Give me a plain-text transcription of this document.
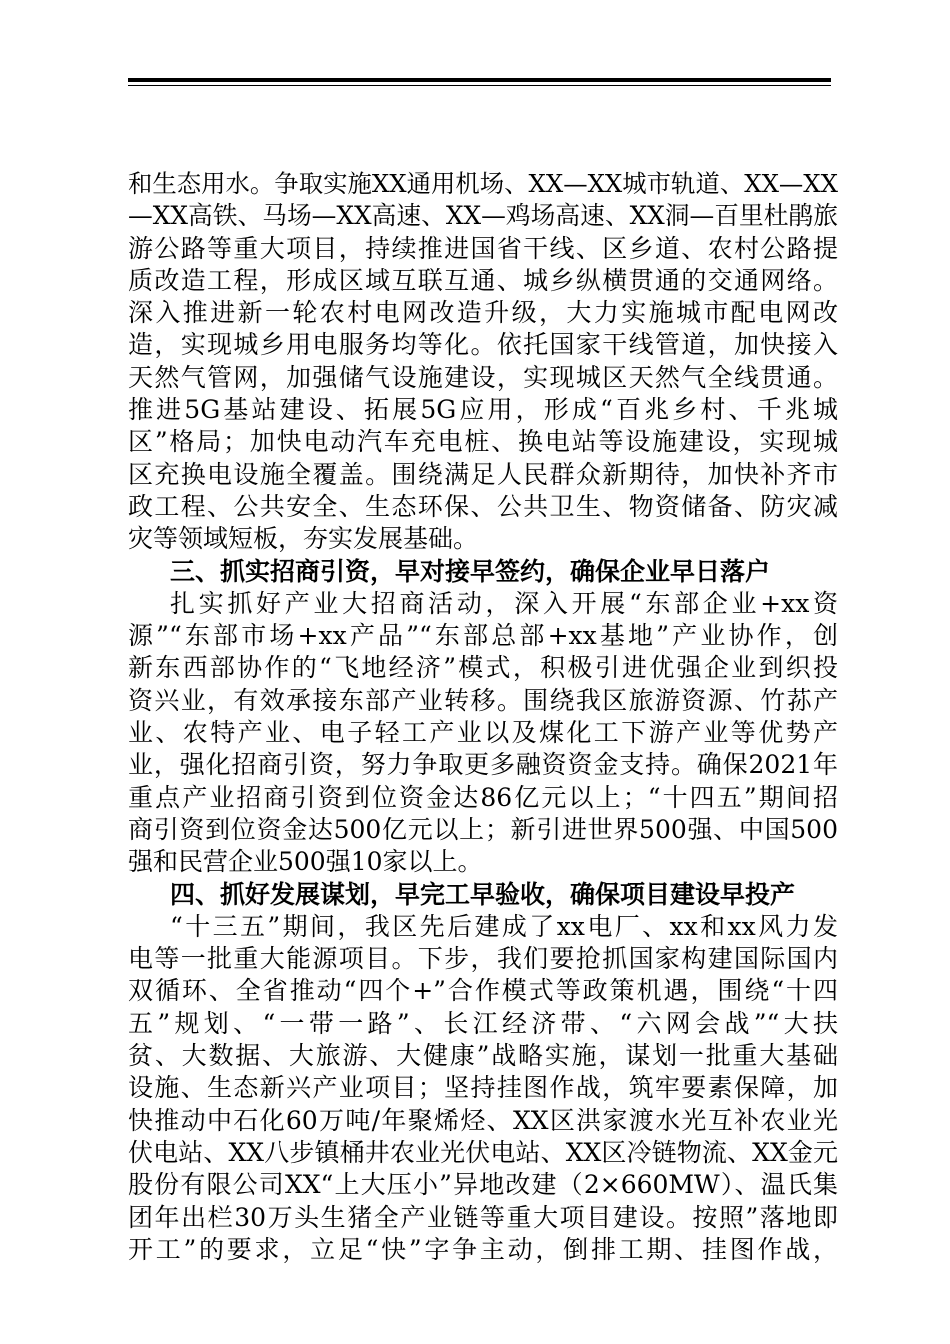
和生态用水。争取实施XX通用机场、XX—XX城市轨道、XX—XX
—XX高铁、马场—XX高速、XX—鸡场高速、XX洞—百里杜鹃旅
游公路等重大项目，持续推进国省干线、区乡道、农村公路提
质改造工程，形成区域互联互通、城乡纵横贯通的交通网络。
深入推进新一轮农村电网改造升级，大力实施城市配电网改
造，实现城乡用电服务均等化。依托国家干线管道，加快接入
天然气管网，加强储气设施建设，实现城区天然气全线贯通。
推进5G基站建设、拓展5G应用，形成“百兆乡村、千兆城
区”格局；加快电动汽车充电桩、换电站等设施建设，实现城
区充换电设施全覆盖。围绕满足人民群众新期待，加快补齐市
政工程、公共安全、生态环保、公共卫生、物资储备、防灾减
灾等领域短板，夯实发展基础。
三、抓实招商引资，早对接早签约，确保企业早日落户
扎实抓好产业大招商活动，深入开展“东部企业+xx资
源”“东部市场+xx产品”“东部总部+xx基地”产业协作，创
新东西部协作的“飞地经济”模式，积极引进优强企业到织投
资兴业，有效承接东部产业转移。围绕我区旅游资源、竹荪产
业、农特产业、电子轻工产业以及煤化工下游产业等优势产
业，强化招商引资，努力争取更多融资资金支持。确保2021年
重点产业招商引资到位资金达86亿元以上；“十四五”期间招
商引资到位资金达500亿元以上；新引进世界500强、中国500
强和民营企业500强10家以上。
四、抓好发展谋划，早完工早验收，确保项目建设早投产
“十三五”期间，我区先后建成了xx电厂、xx和xx风力发
电等一批重大能源项目。下步，我们要抢抓国家构建国际国内
双循环、全省推动“四个+”合作模式等政策机遇，围绕“十四
五”规划、“一带一路”、长江经济带、“六网会战”“大扶
贫、大数据、大旅游、大健康”战略实施，谋划一批重大基础
设施、生态新兴产业项目；坚持挂图作战，筑牢要素保障，加
快推动中石化60万吨/年聚烯烃、XX区洪家渡水光互补农业光
伏电站、XX八步镇桶井农业光伏电站、XX区冷链物流、XX金元
股份有限公司XX“上大压小”异地改建（2×660MW）、温氏集
团年出栏30万头生猪全产业链等重大项目建设。按照”落地即
开工”的要求，立足“快”字争主动，倒排工期、挂图作战，
